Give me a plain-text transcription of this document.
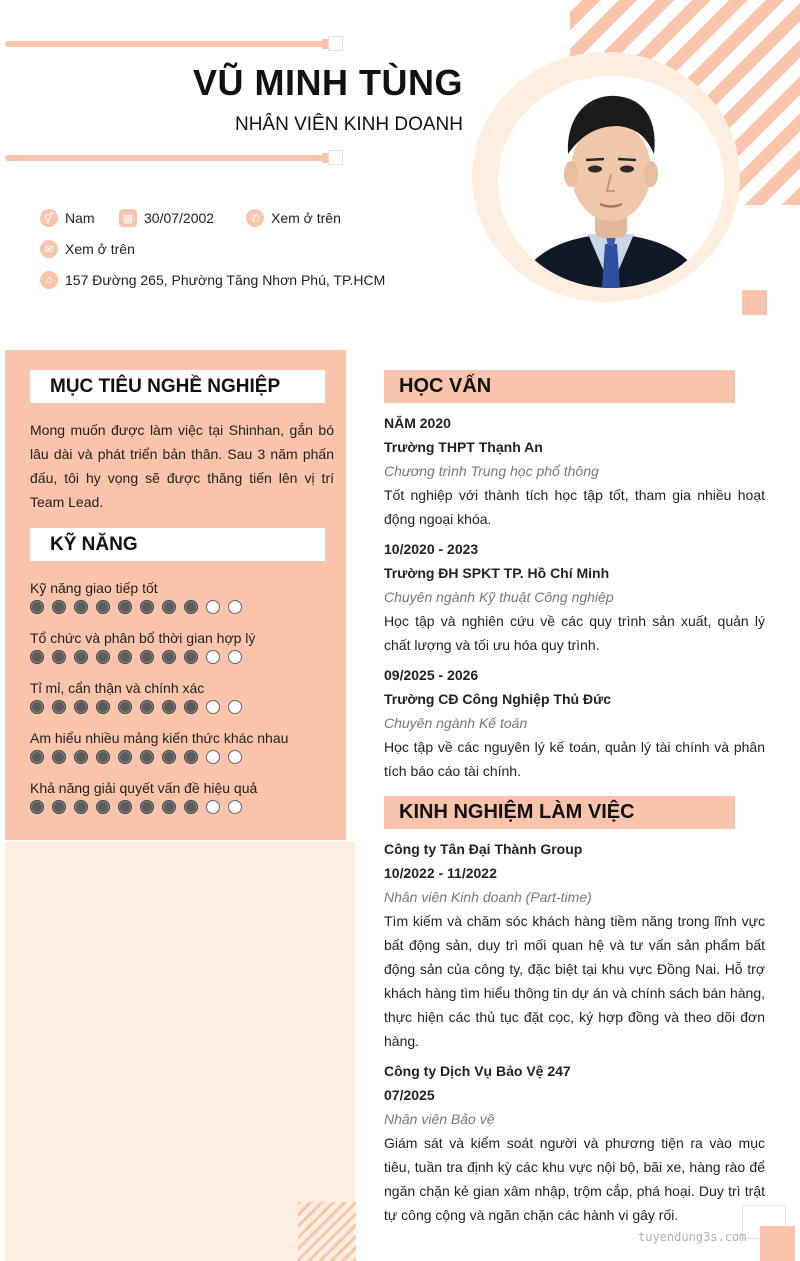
VŨ MINH TÙNG
NHÂN VIÊN KINH DOANH
⚥ Nam	▦ 30/07/2002	✆ Xem ở trên
✉ Xem ở trên
⌂ 157 Đường 265, Phường Tăng Nhơn Phú, TP.HCM
MỤC TIÊU NGHỀ NGHIỆP
Mong muốn được làm việc tại Shinhan, gắn bó lâu dài và phát triển bản thân. Sau 3 năm phấn đấu, tôi hy vọng sẽ được thăng tiến lên vị trí Team Lead.
KỸ NĂNG
Kỹ năng giao tiếp tốt
Tổ chức và phân bổ thời gian hợp lý
Tỉ mỉ, cẩn thận và chính xác
Am hiểu nhiều mảng kiến thức khác nhau
Khả năng giải quyết vấn đề hiệu quả
HỌC VẤN
NĂM 2020
Trường THPT Thạnh An
Chương trình Trung học phổ thông
Tốt nghiệp với thành tích học tập tốt, tham gia nhiều hoạt động ngoại khóa.
10/2020 - 2023
Trường ĐH SPKT TP. Hồ Chí Minh
Chuyên ngành Kỹ thuật Công nghiệp
Học tập và nghiên cứu về các quy trình sản xuất, quản lý chất lượng và tối ưu hóa quy trình.
09/2025 - 2026
Trường CĐ Công Nghiệp Thủ Đức
Chuyên ngành Kế toán
Học tập về các nguyên lý kế toán, quản lý tài chính và phân tích báo cáo tài chính.
KINH NGHIỆM LÀM VIỆC
Công ty Tân Đại Thành Group
10/2022 - 11/2022
Nhân viên Kinh doanh (Part-time)
Tìm kiếm và chăm sóc khách hàng tiềm năng trong lĩnh vực bất động sản, duy trì mối quan hệ và tư vấn sản phẩm bất động sản của công ty, đặc biệt tại khu vực Đồng Nai. Hỗ trợ khách hàng tìm hiểu thông tin dự án và chính sách bán hàng, thực hiện các thủ tục đặt cọc, ký hợp đồng và theo dõi đơn hàng.
Công ty Dịch Vụ Bảo Vệ 247
07/2025
Nhân viên Bảo vệ
Giám sát và kiểm soát người và phương tiện ra vào mục tiêu, tuần tra định kỳ các khu vực nội bộ, bãi xe, hàng rào để ngăn chặn kẻ gian xâm nhập, trộm cắp, phá hoại. Duy trì trật tự công cộng và ngăn chặn các hành vi gây rối.
tuyendung3s.com
